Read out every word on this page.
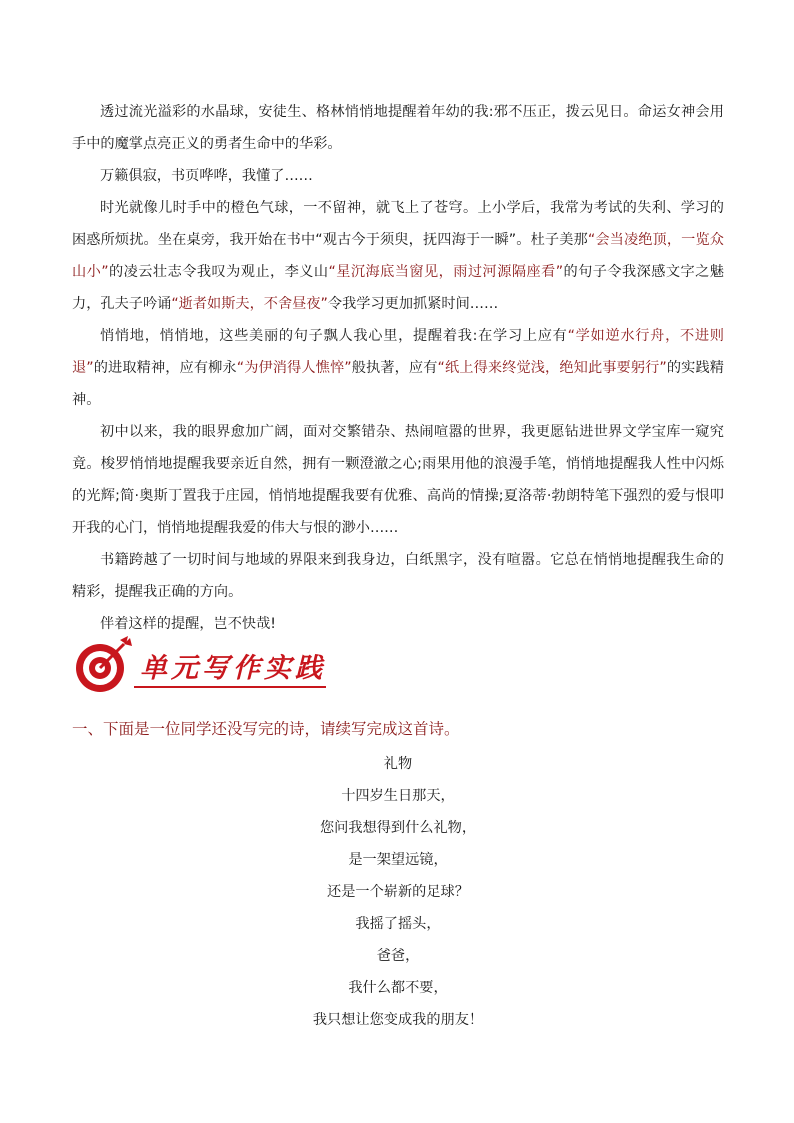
透过流光溢彩的水晶球，安徒生、格林悄悄地提醒着年幼的我:邪不压正，拨云见日。命运女神会用手中的魔掌点亮正义的勇者生命中的华彩。

万籁俱寂，书页哗哗，我懂了……

时光就像儿时手中的橙色气球，一不留神，就飞上了苍穹。上小学后，我常为考试的失利、学习的困惑所烦扰。坐在桌旁，我开始在书中“观古今于须臾，抚四海于一瞬”。杜子美那“会当凌绝顶，一览众山小”的凌云壮志令我叹为观止，李义山“星沉海底当窗见，雨过河源隔座看”的句子令我深感文字之魅力，孔夫子吟诵“逝者如斯夫，不舍昼夜”令我学习更加抓紧时间……

悄悄地，悄悄地，这些美丽的句子飘人我心里，提醒着我:在学习上应有“学如逆水行舟，不进则退”的进取精神，应有柳永“为伊消得人憔悴”般执著，应有“纸上得来终觉浅，绝知此事要躬行”的实践精神。

初中以来，我的眼界愈加广阔，面对交繁错杂、热闹喧嚣的世界，我更愿钻进世界文学宝库一窥究竟。梭罗悄悄地提醒我要亲近自然，拥有一颗澄澈之心;雨果用他的浪漫手笔，悄悄地提醒我人性中闪烁的光辉;简·奥斯丁置我于庄园，悄悄地提醒我要有优雅、高尚的情操;夏洛蒂·勃朗特笔下强烈的爱与恨叩开我的心门，悄悄地提醒我爱的伟大与恨的渺小……

书籍跨越了一切时间与地域的界限来到我身边，白纸黑字，没有喧嚣。它总在悄悄地提醒我生命的精彩，提醒我正确的方向。

伴着这样的提醒，岂不快哉!

单元写作实践

一、下面是一位同学还没写完的诗，请续写完成这首诗。

礼物
十四岁生日那天，
您问我想得到什么礼物，
是一架望远镜，
还是一个崭新的足球？
我摇了摇头，
爸爸，
我什么都不要，
我只想让您变成我的朋友！
